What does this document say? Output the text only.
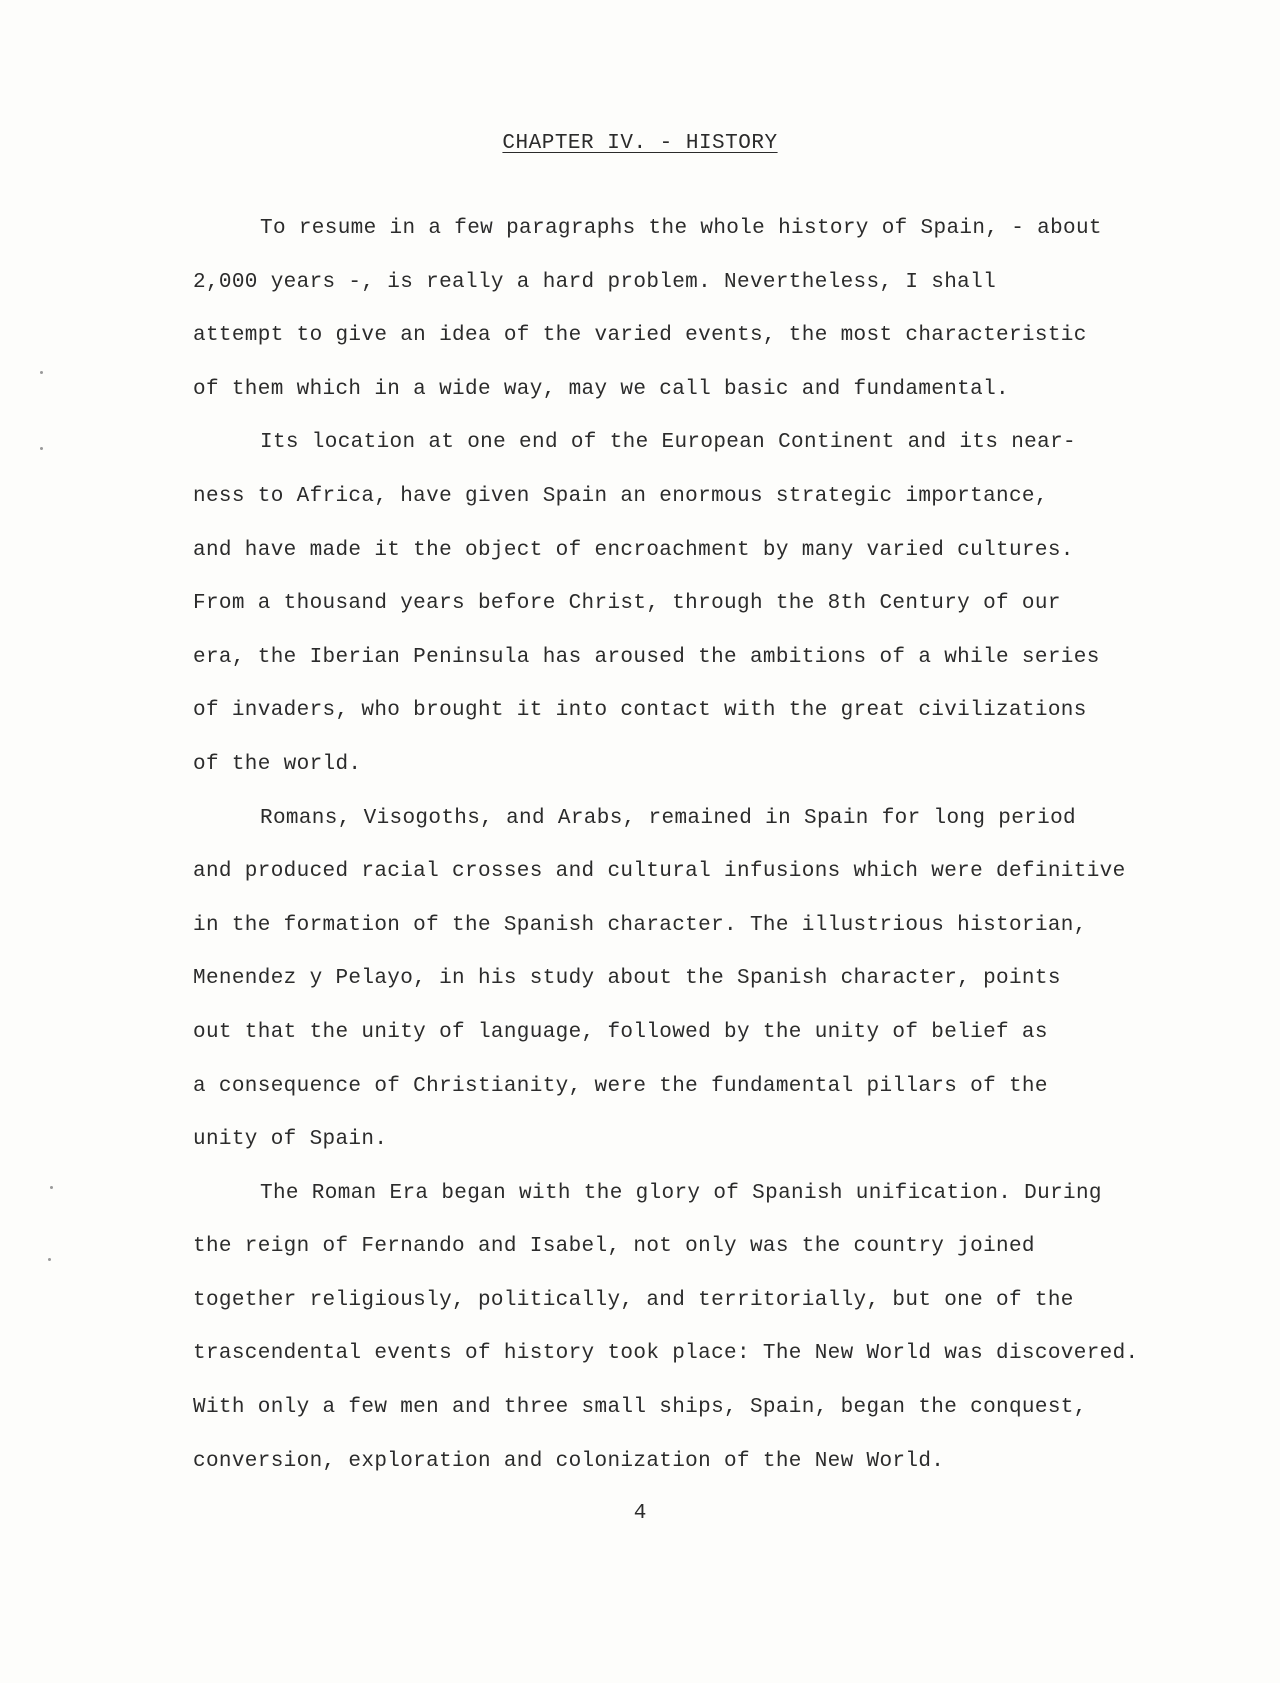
CHAPTER IV. - HISTORY
To resume in a few paragraphs the whole history of Spain, - about
2,000 years -, is really a hard problem. Nevertheless, I shall
attempt to give an idea of the varied events, the most characteristic
of them which in a wide way, may we call basic and fundamental.
Its location at one end of the European Continent and its near-
ness to Africa, have given Spain an enormous strategic importance,
and have made it the object of encroachment by many varied cultures.
From a thousand years before Christ, through the 8th Century of our
era, the Iberian Peninsula has aroused the ambitions of a while series
of invaders, who brought it into contact with the great civilizations
of the world.
Romans, Visogoths, and Arabs, remained in Spain for long period
and produced racial crosses and cultural infusions which were definitive
in the formation of the Spanish character. The illustrious historian,
Menendez y Pelayo, in his study about the Spanish character, points
out that the unity of language, followed by the unity of belief as
a consequence of Christianity, were the fundamental pillars of the
unity of Spain.
The Roman Era began with the glory of Spanish unification. During
the reign of Fernando and Isabel, not only was the country joined
together religiously, politically, and territorially, but one of the
trascendental events of history took place: The New World was discovered.
With only a few men and three small ships, Spain, began the conquest,
conversion, exploration and colonization of the New World.
4
